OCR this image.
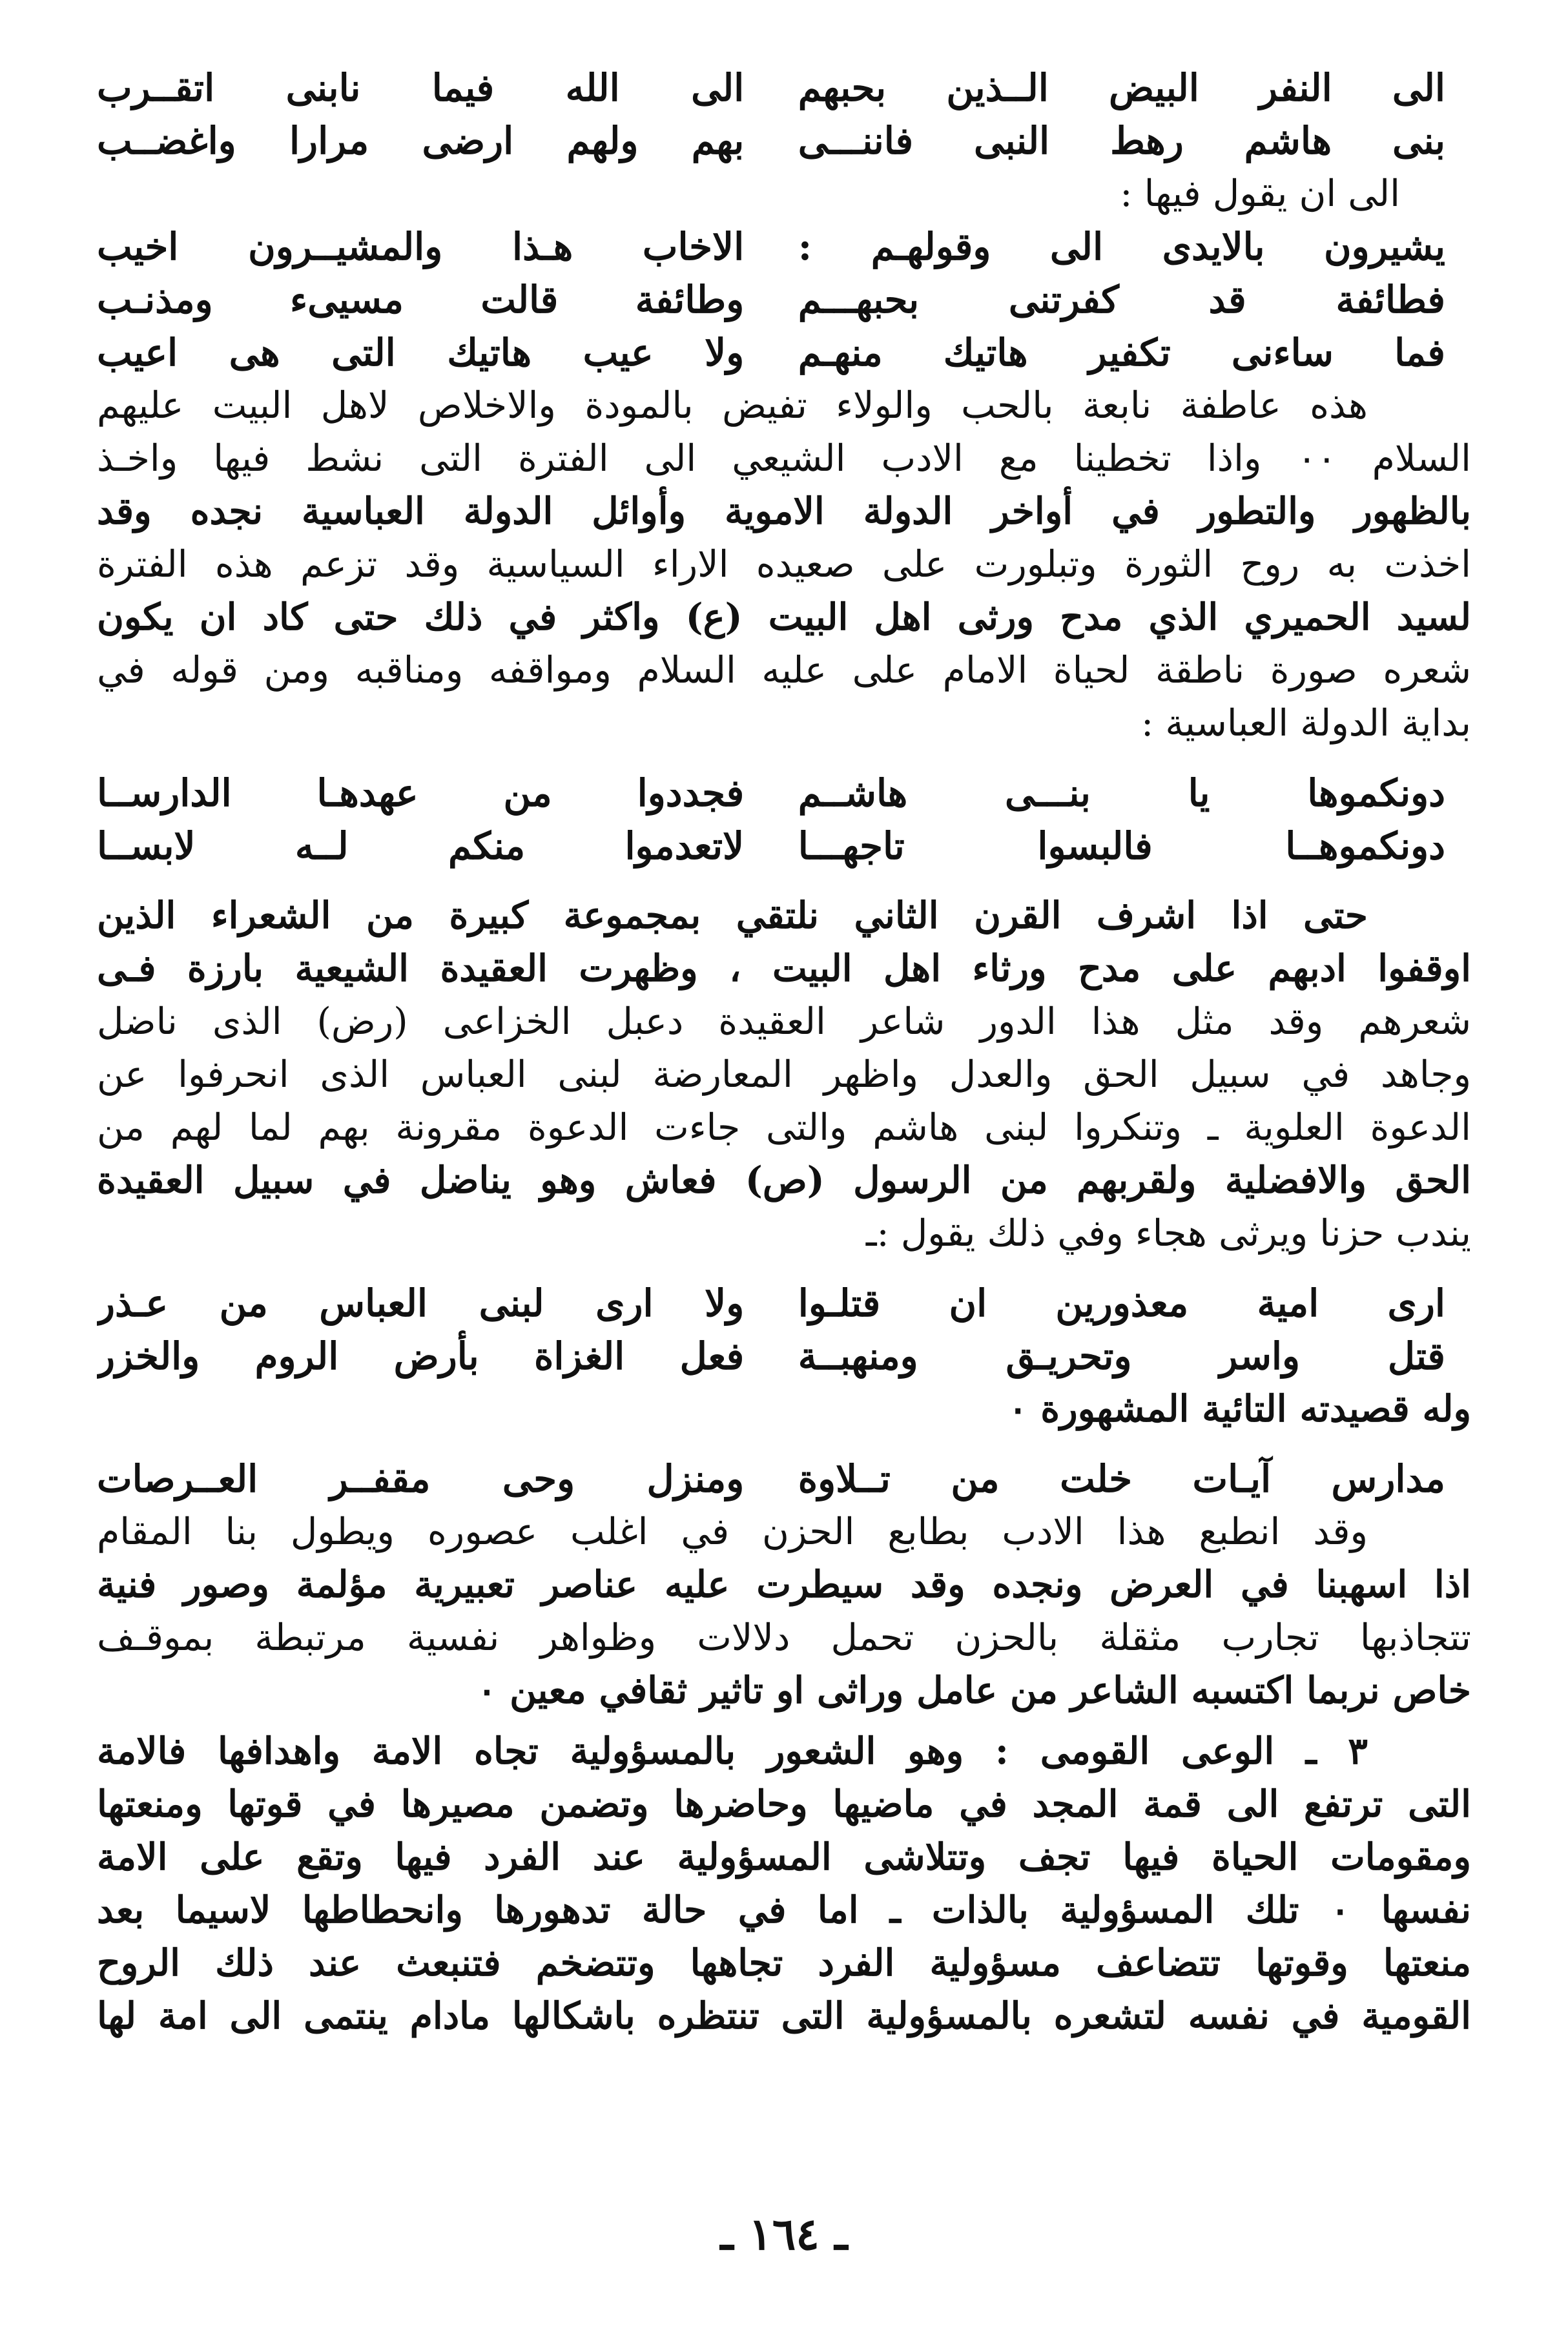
الى النفر البيض الــذين بحبهم
الى الله فيما نابنى اتقــرب
بنى هاشم رهط النبى فاننـــى
بهم ولهم ارضى مرارا واغضــب
الى ان يقول فيها :
يشيرون بالايدى الى وقولهـم :
الاخاب هـذا والمشيــرون اخيب
فطائفة قد كفرتنى بحبهـــم
وطائفة قالت مسيىء ومذنـب
فما ساءنى تكفير هاتيك منهـم
ولا عيب هاتيك التى هى اعيب
هذه عاطفة نابعة بالحب والولاء تفيض بالمودة والاخلاص لاهل البيت عليهم
السلام ٠٠ واذا تخطينا مع الادب الشيعي الى الفترة التى نشط فيها واخـذ
بالظهور والتطور في أواخر الدولة الاموية وأوائل الدولة العباسية نجده وقد
اخذت به روح الثورة وتبلورت على صعيده الاراء السياسية وقد تزعم هذه الفترة
لسيد الحميري الذي مدح ورثى اهل البيت (ع) واكثر في ذلك حتى كاد ان يكون
شعره صورة ناطقة لحياة الامام على عليه السلام ومواقفه ومناقبه ومن قوله في
بداية الدولة العباسية :
دونكموها يا بنـــى هاشــم
فجددوا من عهدهـا الدارســا
دونكموهــا فالبسوا تاجهـــا
لاتعدموا منكم لــه لابســا
حتى اذا اشرف القرن الثاني نلتقي بمجموعة كبيرة من الشعراء الذين
اوقفوا ادبهم على مدح ورثاء اهل البيت ، وظهرت العقيدة الشيعية بارزة فـى
شعرهم وقد مثل هذا الدور شاعر العقيدة دعبل الخزاعى (رض) الذى ناضل
وجاهد في سبيل الحق والعدل واظهر المعارضة لبنى العباس الذى انحرفوا عن
الدعوة العلوية ـ وتنكروا لبنى هاشم والتى جاءت الدعوة مقرونة بهم لما لهم من
الحق والافضلية ولقربهم من الرسول (ص) فعاش وهو يناضل في سبيل العقيدة
يندب حزنا ويرثى هجاء وفي ذلك يقول :ـ
ارى امية معذورين ان قتلـوا
ولا ارى لبنى العباس من عـذر
قتل واسر وتحريـق ومنهبــة
فعل الغزاة بأرض الروم والخزر
وله قصيدته التائية المشهورة ٠
مدارس آيـات خلت من تــلاوة
ومنزل وحى مقفــر العــرصات
وقد انطبع هذا الادب بطابع الحزن في اغلب عصوره ويطول بنا المقام
اذا اسهبنا في العرض ونجده وقد سيطرت عليه عناصر تعبيرية مؤلمة وصور فنية
تتجاذبها تجارب مثقلة بالحزن تحمل دلالات وظواهر نفسية مرتبطة بموقـف
خاص نربما اكتسبه الشاعر من عامل وراثى او تاثير ثقافي معين ٠
٣ ـ الوعى القومى : وهو الشعور بالمسؤولية تجاه الامة واهدافها فالامة
التى ترتفع الى قمة المجد في ماضيها وحاضرها وتضمن مصيرها في قوتها ومنعتها
ومقومات الحياة فيها تجف وتتلاشى المسؤولية عند الفرد فيها وتقع على الامة
نفسها ٠ تلك المسؤولية بالذات ـ اما في حالة تدهورها وانحطاطها لاسيما بعد
منعتها وقوتها تتضاعف مسؤولية الفرد تجاهها وتتضخم فتنبعث عند ذلك الروح
القومية في نفسه لتشعره بالمسؤولية التى تنتظره باشكالها مادام ينتمى الى امة لها
ـ ١٦٤ ـ
